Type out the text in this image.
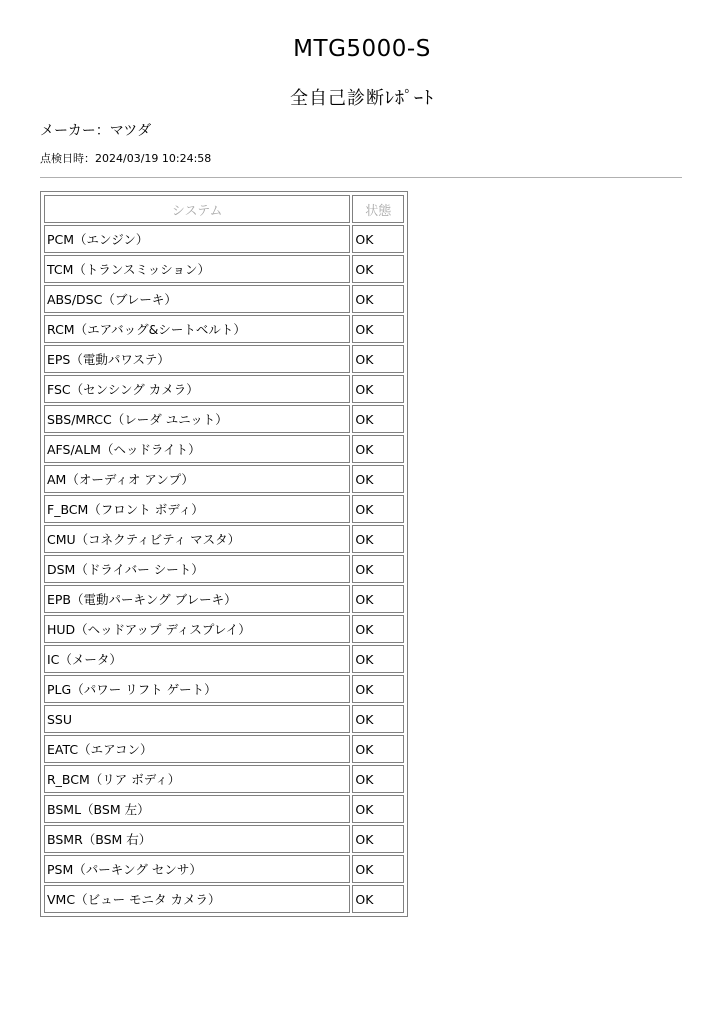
MTG5000-S
全自己診断ﾚﾎﾟｰﾄ
メーカー：マツダ
点検日時：2024/03/19 10:24:58
システム	状態
PCM（エンジン）	OK
TCM（トランスミッション）	OK
ABS/DSC（ブレーキ）	OK
RCM（エアバッグ&シートベルト）	OK
EPS（電動パワステ）	OK
FSC（センシング カメラ）	OK
SBS/MRCC（レーダ ユニット）	OK
AFS/ALM（ヘッドライト）	OK
AM（オーディオ アンプ）	OK
F_BCM（フロント ボディ）	OK
CMU（コネクティビティ マスタ）	OK
DSM（ドライバー シート）	OK
EPB（電動パーキング ブレーキ）	OK
HUD（ヘッドアップ ディスプレイ）	OK
IC（メータ）	OK
PLG（パワー リフト ゲート）	OK
SSU	OK
EATC（エアコン）	OK
R_BCM（リア ボディ）	OK
BSML（BSM 左）	OK
BSMR（BSM 右）	OK
PSM（パーキング センサ）	OK
VMC（ビュー モニタ カメラ）	OK
